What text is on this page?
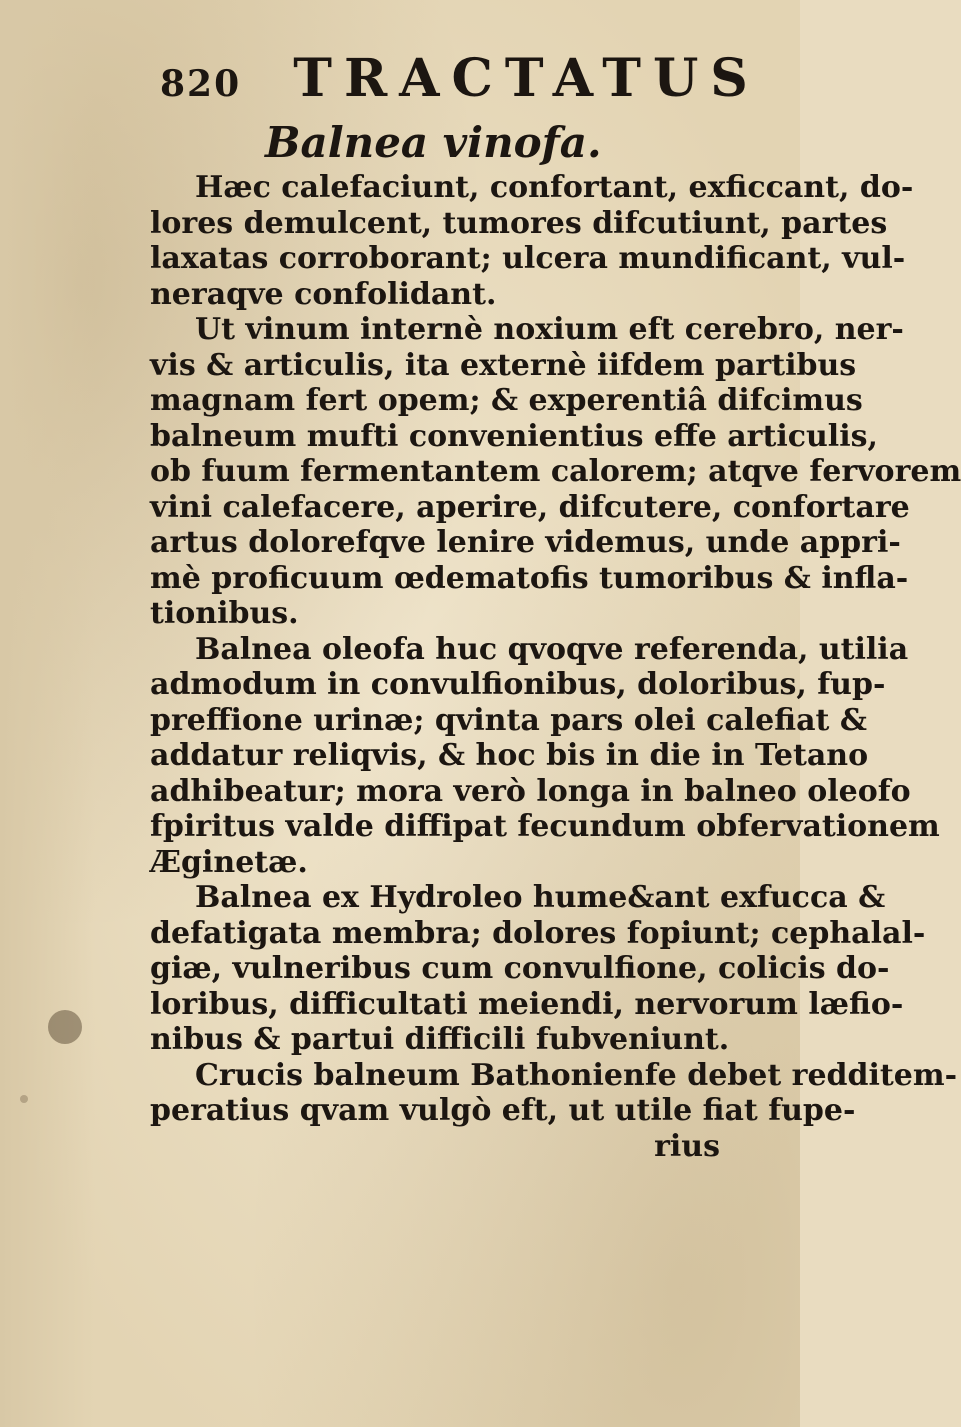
820 TRACTATUS
Balnea vinofa.
Hæc calefaciunt, confortant, exficcant, do-
lores demulcent, tumores difcutiunt, partes
laxatas corroborant; ulcera mundificant, vul-
neraqve confolidant.
Ut vinum internè noxium eft cerebro, ner-
vis & articulis, ita externè iifdem partibus
magnam fert opem; & experentiâ difcimus
balneum mufti convenientius effe articulis,
ob fuum fermentantem calorem; atqve fervorem
vini calefacere, aperire, difcutere, confortare
artus dolorefqve lenire videmus, unde appri-
mè proficuum œdematofis tumoribus & infla-
tionibus.
Balnea oleofa huc qvoqve referenda, utilia
admodum in convulfionibus, doloribus, fup-
preffione urinæ; qvinta pars olei calefiat &
addatur reliqvis, & hoc bis in die in Tetano
adhibeatur; mora verò longa in balneo oleofo
fpiritus valde diffipat fecundum obfervationem
Æginetæ.
Balnea ex Hydroleo hume&ant exfucca &
defatigata membra; dolores fopiunt; cephalal-
giæ, vulneribus cum convulfione, colicis do-
loribus, difficultati meiendi, nervorum læfio-
nibus & partui difficili fubveniunt.
Crucis balneum Bathonienfe debet redditem-
peratius qvam vulgò eft, ut utile fiat fupe-
rius
